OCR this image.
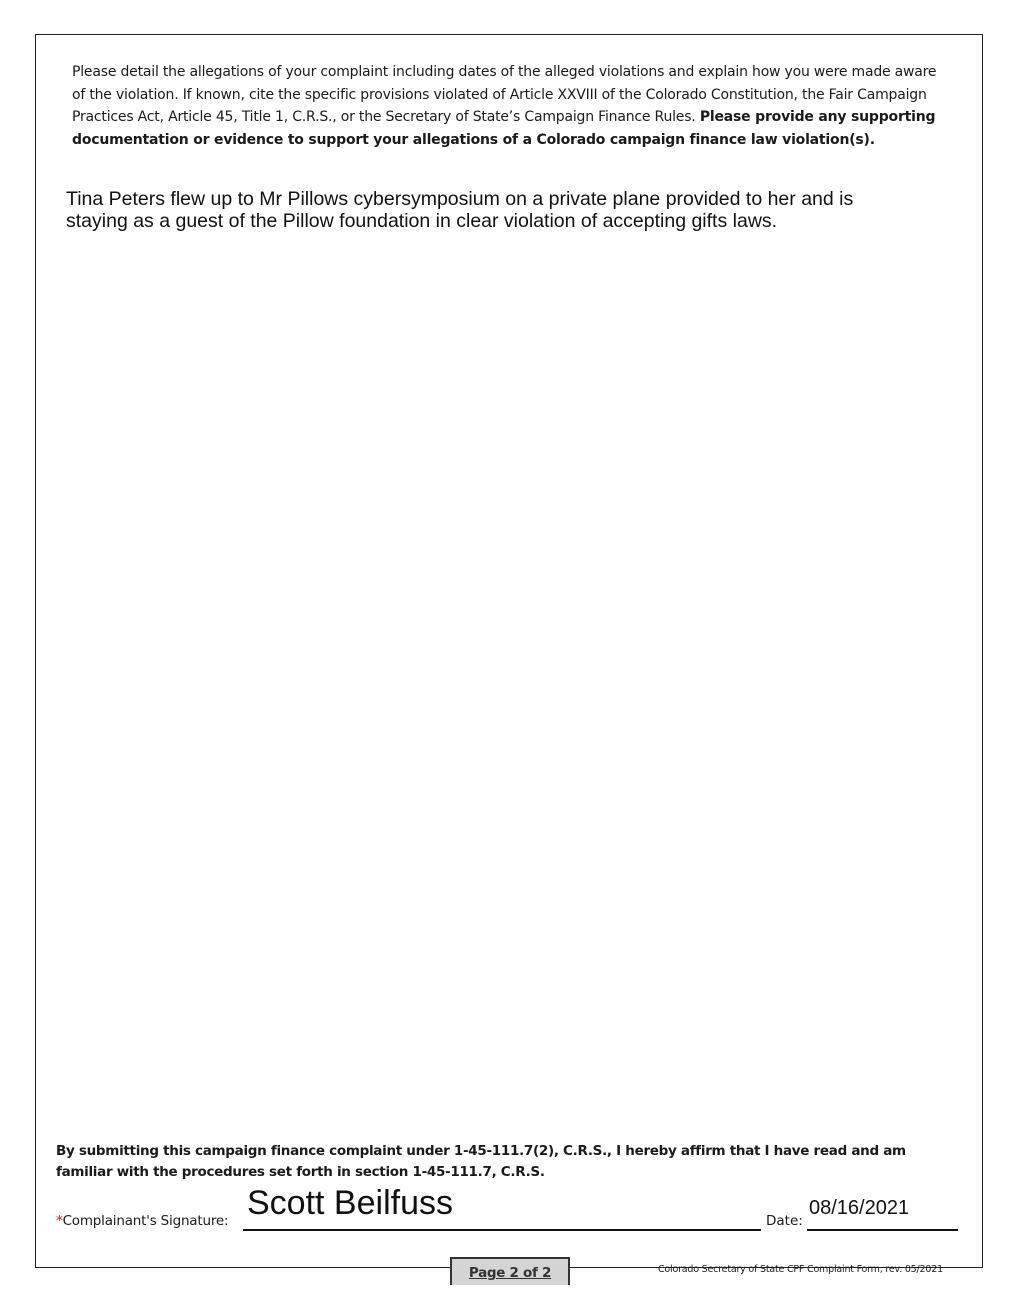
Please detail the allegations of your complaint including dates of the alleged violations and explain how you were made aware of the violation. If known, cite the specific provisions violated of Article XXVIII of the Colorado Constitution, the Fair Campaign Practices Act, Article 45, Title 1, C.R.S., or the Secretary of State’s Campaign Finance Rules. Please provide any supporting documentation or evidence to support your allegations of a Colorado campaign finance law violation(s).
Tina Peters flew up to Mr Pillows cybersymposium on a private plane provided to her and is staying as a guest of the Pillow foundation in clear violation of accepting gifts laws.
By submitting this campaign finance complaint under 1-45-111.7(2), C.R.S., I hereby affirm that I have read and am familiar with the procedures set forth in section 1-45-111.7, C.R.S.
*Complainant's Signature: Scott Beilfuss	Date:
08/16/2021
Page 2 of 2	Colorado Secretary of State CPF Complaint Form, rev. 05/2021
